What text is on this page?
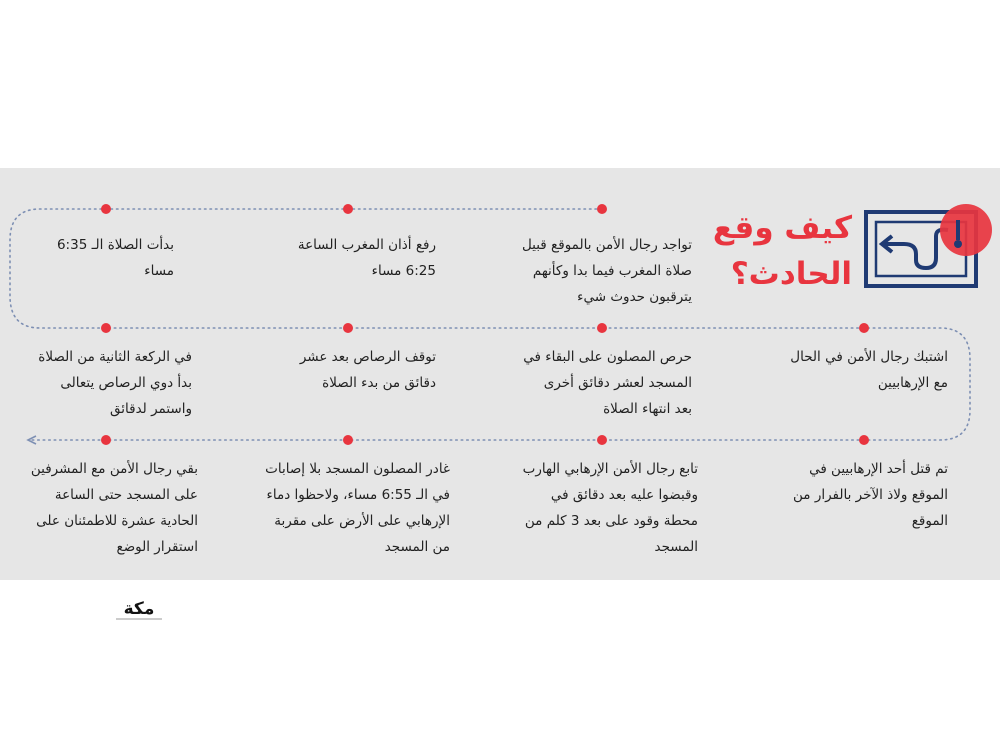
كيف وقع
الحادث؟
تواجد رجال الأمن بالموقع قبيل
صلاة المغرب فيما بدا وكأنهم
يترقبون حدوث شيء
رفع أذان المغرب الساعة
6:25 مساء
بدأت الصلاة الـ 6:35
مساء
اشتبك رجال الأمن في الحال
مع الإرهابيين
حرص المصلون على البقاء في
المسجد لعشر دقائق أخرى
بعد انتهاء الصلاة
توقف الرصاص بعد عشر
دقائق من بدء الصلاة
في الركعة الثانية من الصلاة
بدأ دوي الرصاص يتعالى
واستمر لدقائق
تم قتل أحد الإرهابيين في
الموقع ولاذ الآخر بالفرار من
الموقع
تابع رجال الأمن الإرهابي الهارب
وقبضوا عليه بعد دقائق في
محطة وقود على بعد 3 كلم من
المسجد
غادر المصلون المسجد بلا إصابات
في الـ 6:55 مساء، ولاحظوا دماء
الإرهابي على الأرض على مقربة
من المسجد
بقي رجال الأمن مع المشرفين
على المسجد حتى الساعة
الحادية عشرة للاطمئنان على
استقرار الوضع
مكة
